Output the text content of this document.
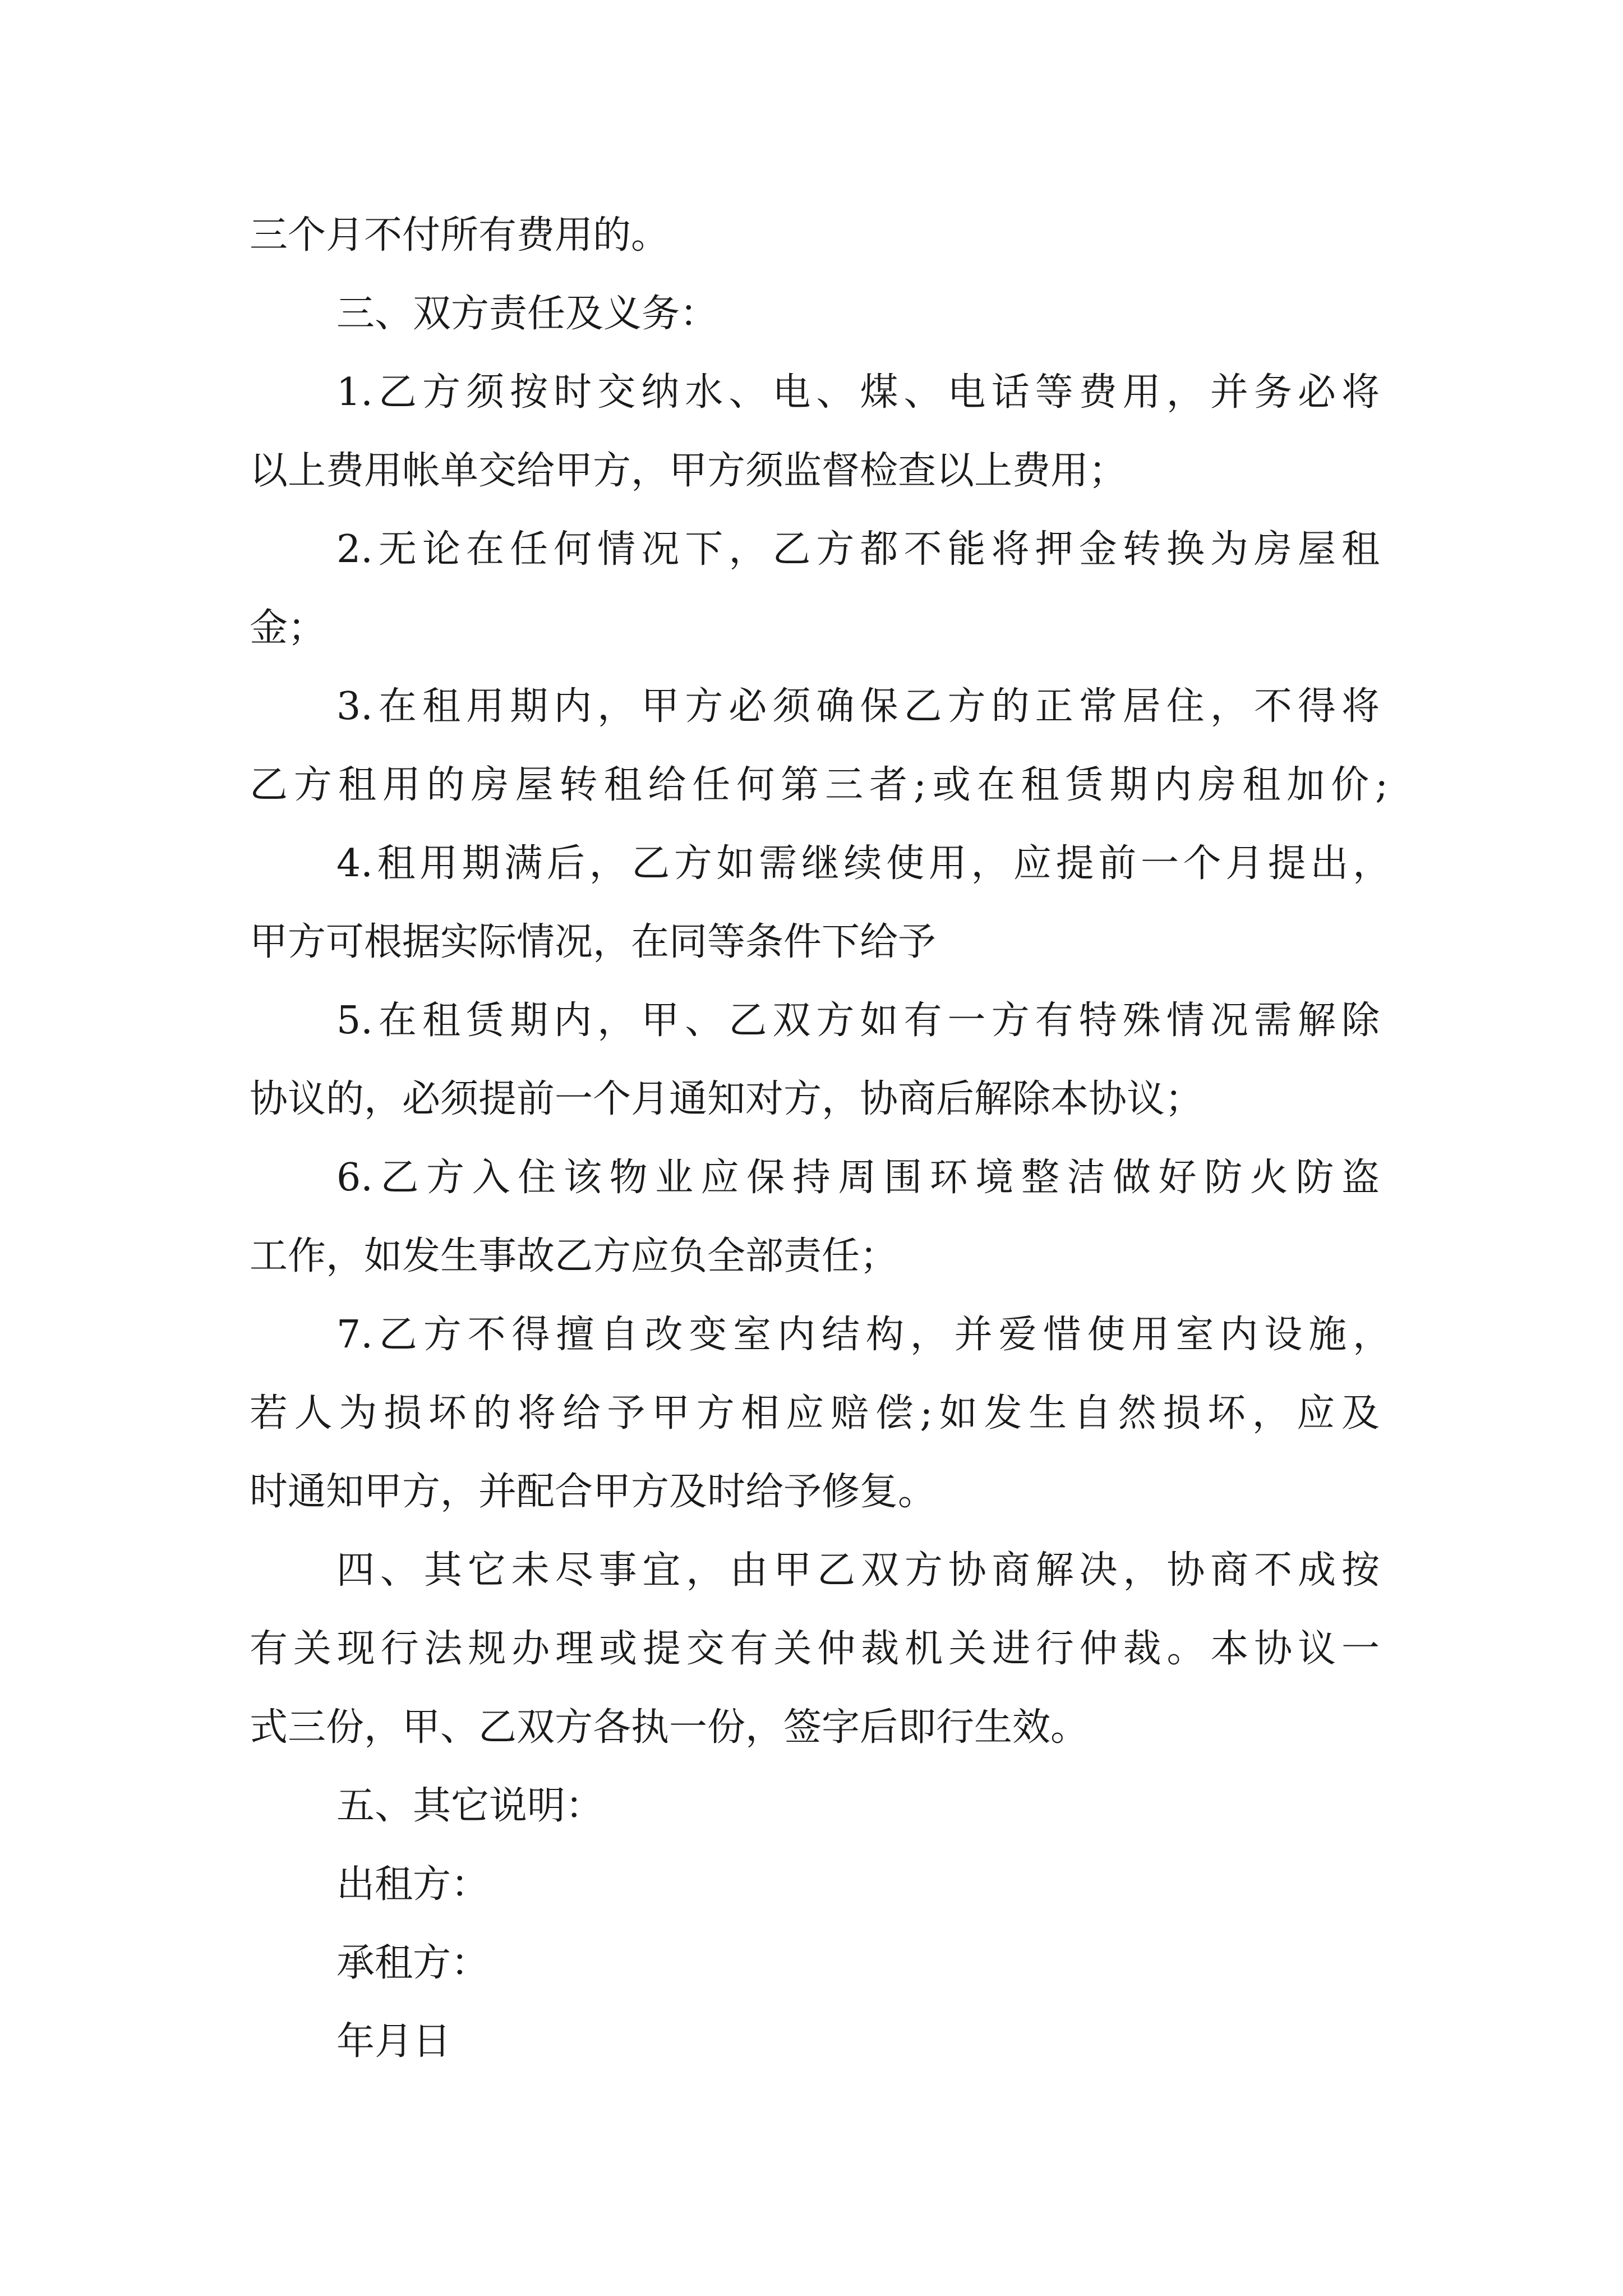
三个月不付所有费用的。

三、双方责任及义务：

1.乙方须按时交纳水、电、煤、电话等费用，并务必将

以上费用帐单交给甲方，甲方须监督检查以上费用；

2.无论在任何情况下，乙方都不能将押金转换为房屋租

金；

3.在租用期内，甲方必须确保乙方的正常居住，不得将

乙方租用的房屋转租给任何第三者;或在租赁期内房租加价;

4.租用期满后，乙方如需继续使用，应提前一个月提出，

甲方可根据实际情况，在同等条件下给予

5.在租赁期内，甲、乙双方如有一方有特殊情况需解除

协议的，必须提前一个月通知对方，协商后解除本协议；

6.乙方入住该物业应保持周围环境整洁做好防火防盗

工作，如发生事故乙方应负全部责任；

7.乙方不得擅自改变室内结构，并爱惜使用室内设施，

若人为损坏的将给予甲方相应赔偿;如发生自然损坏，应及

时通知甲方，并配合甲方及时给予修复。

四、其它未尽事宜，由甲乙双方协商解决，协商不成按

有关现行法规办理或提交有关仲裁机关进行仲裁。本协议一

式三份，甲、乙双方各执一份，签字后即行生效。

五、其它说明：

出租方：

承租方：

年月日
